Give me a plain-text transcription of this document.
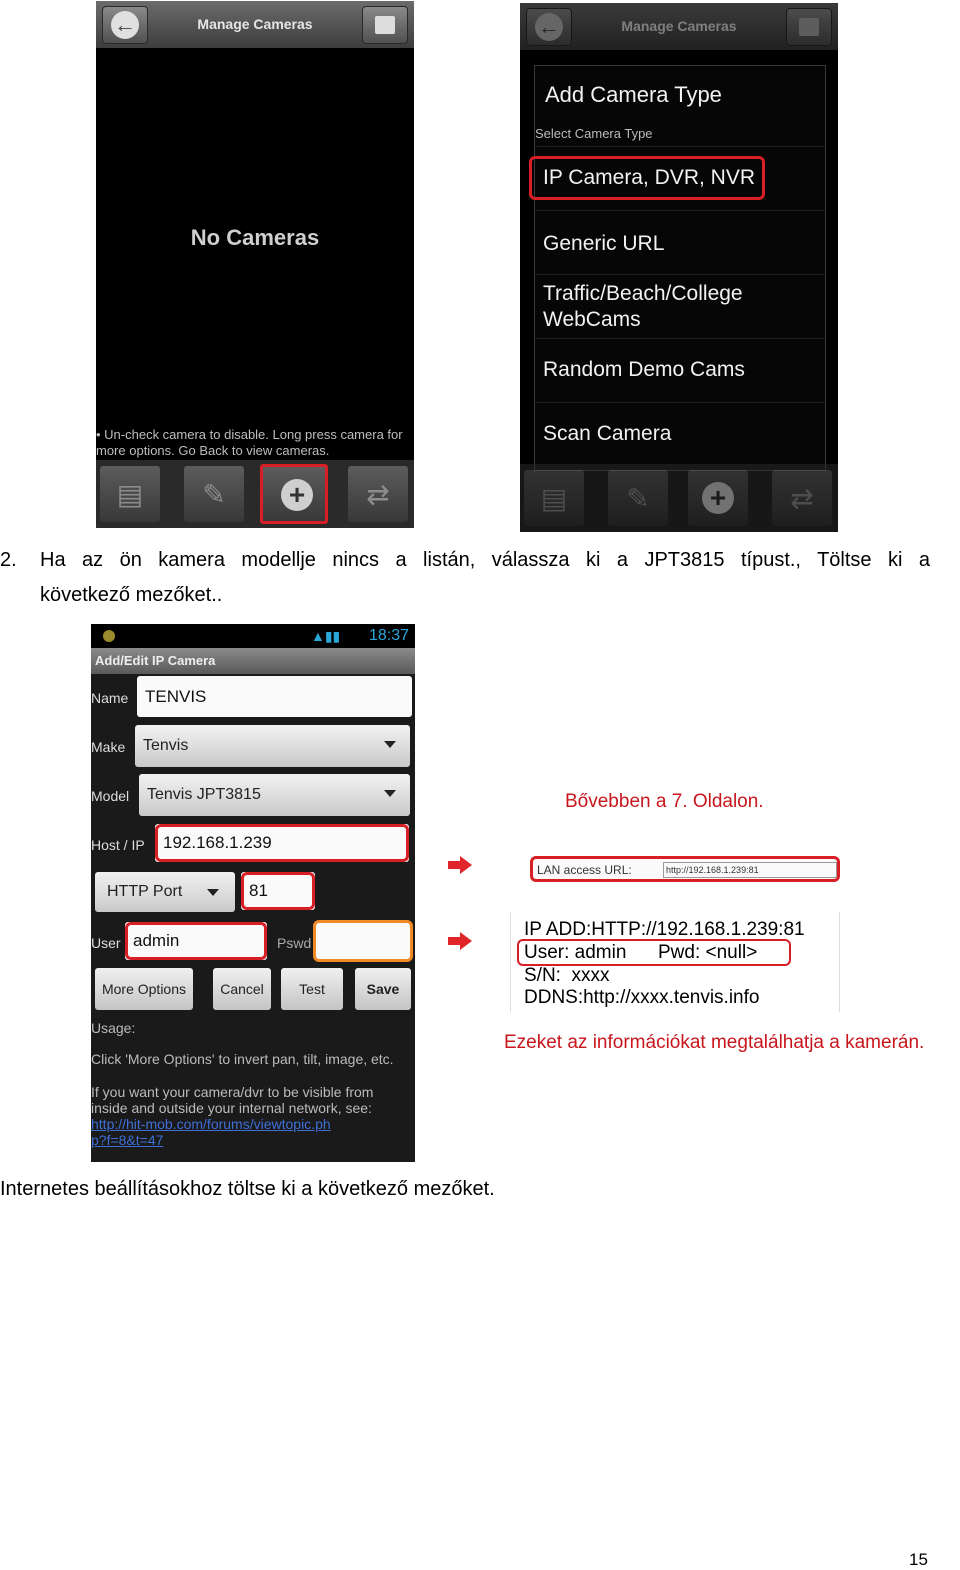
←	Manage Cameras
No Cameras
• Un-check camera to disable. Long press camera for more options. Go Back to view cameras.
▤	✎	+	⇄
←	Manage Cameras
Add Camera Type
Select Camera Type
IP Camera, DVR, NVR
Generic URL
Traffic/Beach/College WebCams
Random Demo Cams
Scan Camera
▤	✎	+	⇄
2. Ha az ön kamera modellje nincs a listán, válassza ki a JPT3815 típust., Töltse ki a
következő mezőket..
▲▮▮ 18:37
Add/Edit IP Camera
Name TENVIS
Make	Tenvis
Model	Tenvis JPT3815
Host / IP	192.168.1.239
HTTP Port	81
User admin	Pswd
More Options	Cancel	Test	Save
Usage:
Click 'More Options' to invert pan, tilt, image, etc.
If you want your camera/dvr to be visible from inside and outside your internal network, see:
http://hit-mob.com/forums/viewtopic.php?f=8&t=47
Bővebben a 7. Oldalon.
LAN access URL:	http://192.168.1.239:81
IP ADD:HTTP://192.168.1.239:81
User: admin Pwd: <null>
S/N:  xxxx
DDNS:http://xxxx.tenvis.info
Ezeket az információkat megtalálhatja a kamerán.
Internetes beállításokhoz töltse ki a következő mezőket.
15
